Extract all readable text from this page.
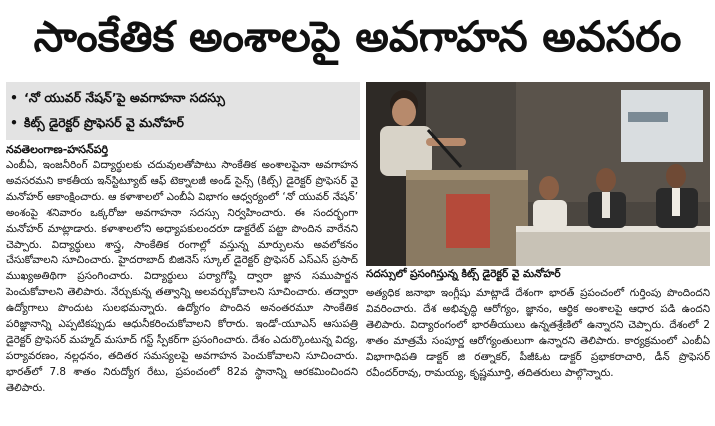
సాంకేతిక అంశాలపై అవగాహన అవసరం
• ‘నో యువర్ నేషన్’పై అవగాహనా సదస్సు
• కిట్స్ డైరెక్టర్ ప్రొఫెసర్ వై మనోహర్
నవతెలంగాణ-హసన్‌పర్తి

ఎంబీఏ, ఇంజనీరింగ్ విద్యార్థులకు చదువులతోపాటు సాంకేతిక అంశాలపైనా అవగాహన అవసరమని కాకతీయ ఇన్‌స్టిట్యూట్ ఆఫ్ టెక్నాలజీ అండ్ సైన్స్ (కిట్స్) డైరెక్టర్ ప్రొఫెసర్ వై మనోహర్ ఆకాంక్షించారు. ఆ కళాశాలలో ఎంబీఏ విభాగం ఆధ్వర్యంలో ‘నో యువర్ నేషన్’ అంశంపై శనివారం ఒక్కరోజు అవగాహనా సదస్సు నిర్వహించారు. ఈ సందర్భంగా మనోహర్ మాట్లాడారు. కళాశాలలోని అధ్యాపకులందరూ డాక్టరేట్ పట్టా పొందిన వారేనని చెప్పారు. విద్యార్థులు శాస్త్ర, సాంకేతిక రంగాల్లో వస్తున్న మార్పులను అవలోకనం చేసుకోవాలని సూచించారు. హైదరాబాద్ బిజినెస్ స్కూల్ డైరెక్టర్ ప్రొఫెసర్ ఎస్ఎస్ ప్రసాద్ ముఖ్యఅతిథిగా ప్రసంగించారు. విద్యార్థులు పర్యాగోష్ఠి ద్వారా జ్ఞాన సముపార్జన పెంచుకోవాలని తెలిపారు. నేర్చుకున్న తత్వాన్ని అలవర్చుకోవాలని సూచించారు. తద్వారా ఉద్యోగాలు పొందుట సులభమన్నారు. ఉద్యోగం పొందిన అనంతరమూ సాంకేతిక పరిజ్ఞానాన్ని ఎప్పటికప్పుడు ఆధునీకరించుకోవాలని కోరారు. ఇండో-యూఎస్ ఆసుపత్రి డైరెక్టర్ ప్రొఫెసర్ మహ్మద్ మసూద్ గస్ట్ స్పీకర్‌గా ప్రసంగించారు. దేశం ఎదుర్కొంటున్న విద్య, పర్యావరణం, నల్లధనం, తదితర సమస్యలపై అవగాహన పెంచుకోవాలని సూచించారు. భారత్‌లో 7.8 శాతం నిరుద్యోగ రేటు, ప్రపంచంలో 82వ స్థానాన్ని ఆరకమించిందని తెలిపారు.

సదస్సులో ప్రసంగిస్తున్న కిట్స్ డైరెక్టర్ వై మనోహర్

అత్యధిక జనాభా ఇంగ్లీషు మాట్లాడే దేశంగా భారత్ ప్రపంచంలో గుర్తింపు పొందిందని వివరించారు. దేశ అభివృద్ధి ఆరోగ్యం, జ్ఞానం, ఆర్థిక అంశాలపై ఆధార పడి ఉందని తెలిపారు. విద్యారంగంలో భారతీయులు ఉన్నతశ్రేణిలో ఉన్నారని చెప్పారు. దేశంలో 2 శాతం మాత్రమే సంపూర్ణ ఆరోగ్యంతులుగా ఉన్నారని తెలిపారు. కార్యక్రమంలో ఎంబీఏ విభాగాధిపతి డాక్టర్ జి రత్నాకర్, పీజీఓట డాక్టర్ ప్రభాకరాచారి, డీన్ ప్రొఫెసర్ రవీందర్‌రావు, రామయ్య, కృష్ణమూర్తి, తదితరులు పాల్గొన్నారు.
